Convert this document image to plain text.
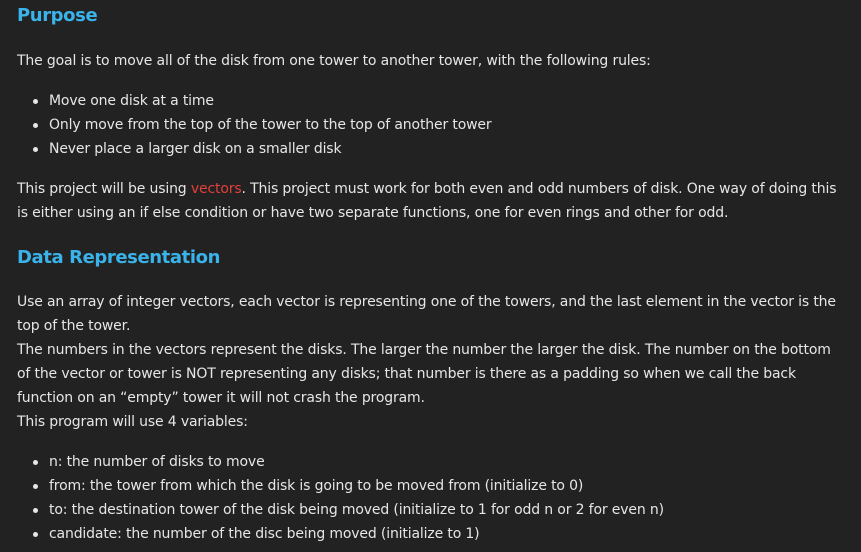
Purpose

The goal is to move all of the disk from one tower to another tower, with the following rules:

Move one disk at a time
Only move from the top of the tower to the top of another tower
Never place a larger disk on a smaller disk

This project will be using vectors. This project must work for both even and odd numbers of disk. One way of doing this is either using an if else condition or have two separate functions, one for even rings and other for odd.

Data Representation
Use an array of integer vectors, each vector is representing one of the towers, and the last element in the vector is the top of the tower.
The numbers in the vectors represent the disks. The larger the number the larger the disk. The number on the bottom of the vector or tower is NOT representing any disks; that number is there as a padding so when we call the back function on an “empty” tower it will not crash the program.
This program will use 4 variables:
n: the number of disks to move
from: the tower from which the disk is going to be moved from (initialize to 0)
to: the destination tower of the disk being moved (initialize to 1 for odd n or 2 for even n)
candidate: the number of the disc being moved (initialize to 1)
